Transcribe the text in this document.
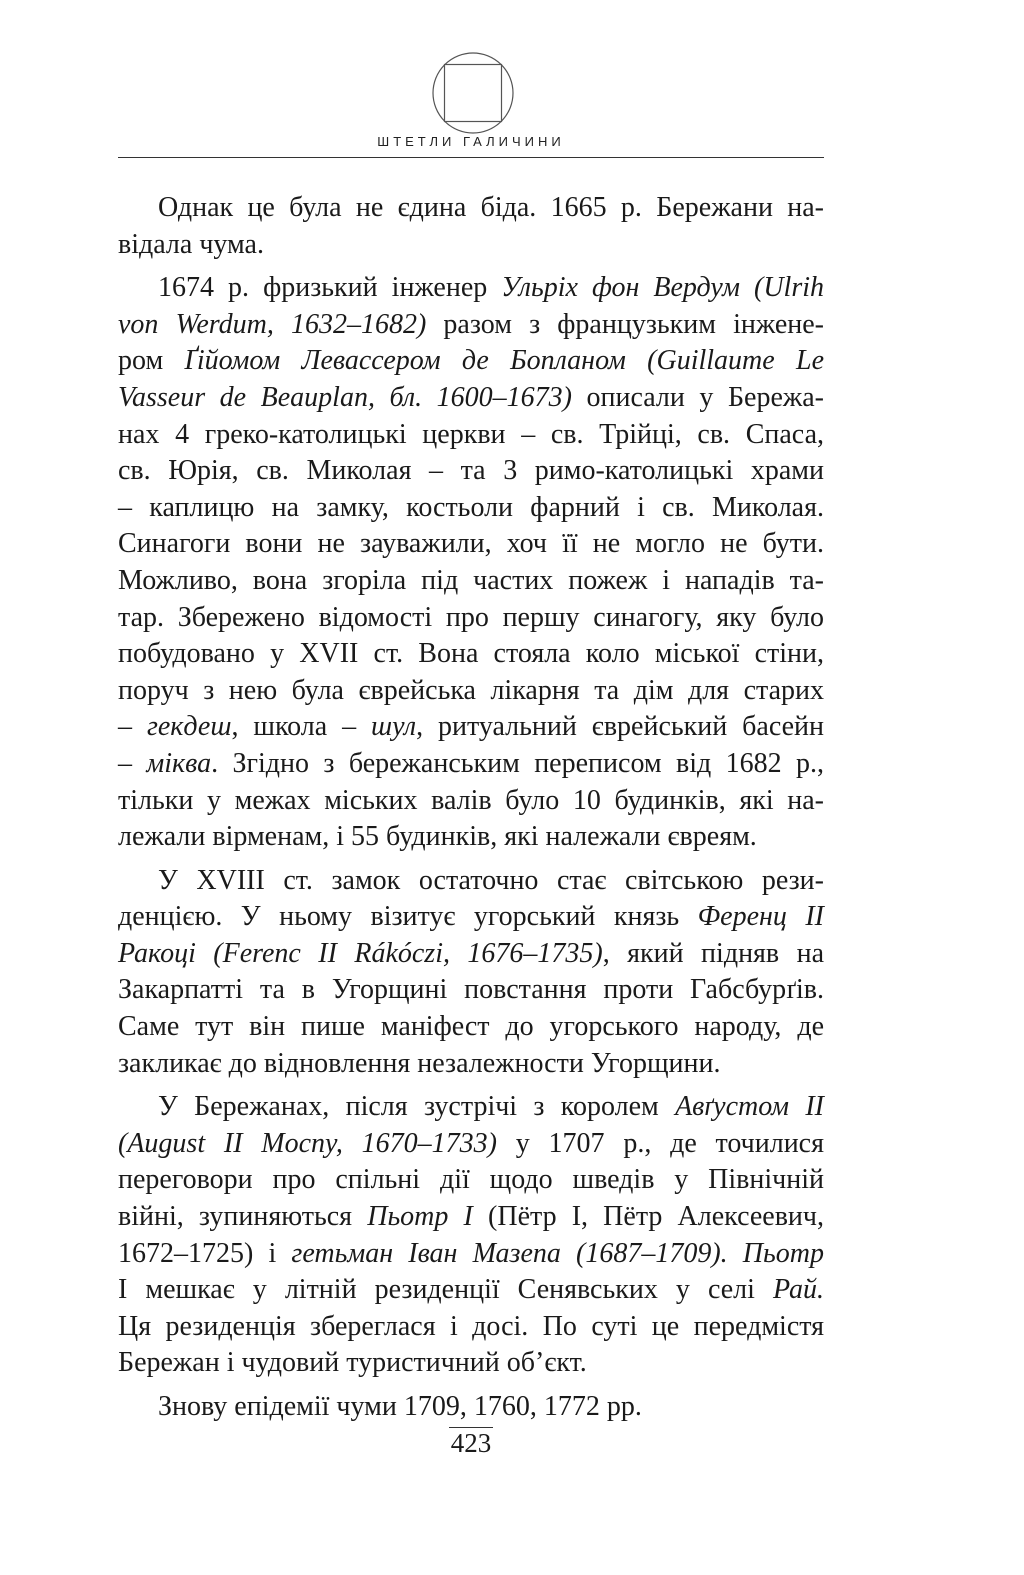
ШТЕТЛИ ГАЛИЧИНИ
Однак це була не єдина біда. 1665 р. Бережани на-
відала чума.
1674 р. фризький інженер Ульріх фон Вердум (Ulrih
von Werdum, 1632–1682) разом з французьким інжене-
ром Ґійомом Левассером де Бопланом (Guillaume Le
Vasseur de Beauplan, бл. 1600–1673) описали у Бережа-
нах 4 греко-католицькі церкви – св. Трійці, св. Спаса,
св. Юрія, св. Миколая – та 3 римо-католицькі храми
– каплицю на замку, костьоли фарний і св. Миколая.
Синагоги вони не зауважили, хоч її не могло не бути.
Можливо, вона згоріла під частих пожеж і нападів та-
тар. Збережено відомості про першу синагогу, яку було
побудовано у XVII ст. Вона стояла коло міської стіни,
поруч з нею була єврейська лікарня та дім для старих
– гекдеш, школа – шул, ритуальний єврейський басейн
– міква. Згідно з бережанським переписом від 1682 р.,
тільки у межах міських валів було 10 будинків, які на-
лежали вірменам, і 55 будинків, які належали євреям.
У XVIII ст. замок остаточно стає світською рези-
денцією. У ньому візитує угорський князь Ференц II
Ракоці (Ferenc II Rákóczi, 1676–1735), який підняв на
Закарпатті та в Угорщині повстання проти Габсбурґів.
Саме тут він пише маніфест до угорського народу, де
закликає до відновлення незалежности Угорщини.
У Бережанах, після зустрічі з королем Авґустом II
(August II Mocny, 1670–1733) у 1707 р., де точилися
переговори про спільні дії щодо шведів у Північній
війні, зупиняються Пьотр I (Пётр I, Пётр Алексеевич,
1672–1725) і гетьман Іван Мазепа (1687–1709). Пьотр
I мешкає у літній резиденції Сенявських у селі Рай.
Ця резиденція збереглася і досі. По суті це передмістя
Бережан і чудовий туристичний об’єкт.
Знову епідемії чуми 1709, 1760, 1772 рр.
423
